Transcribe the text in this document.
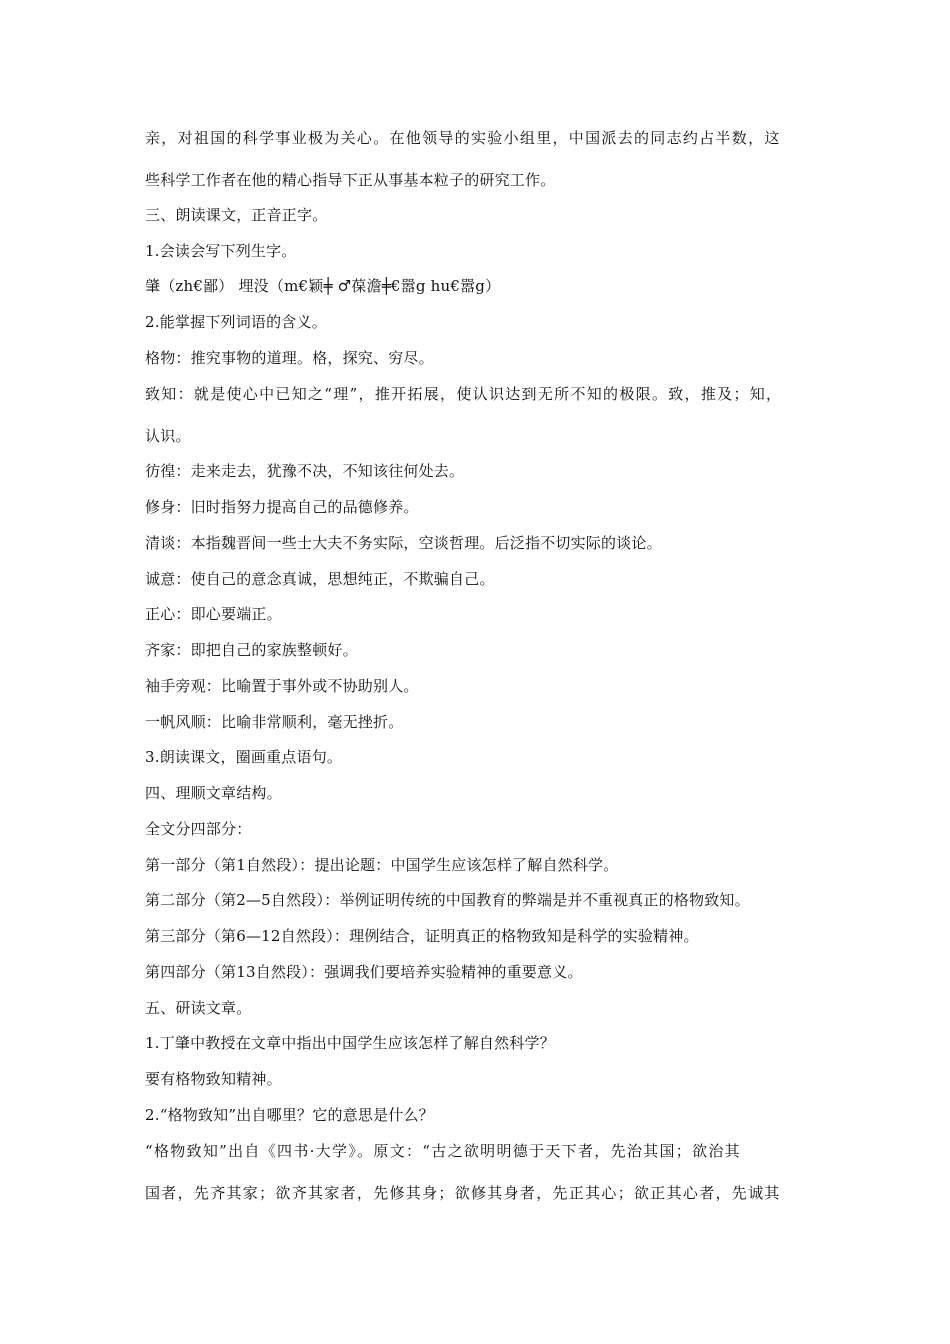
亲，对祖国的科学事业极为关心。在他领导的实验小组里，中国派去的同志约占半数，这
些科学工作者在他的精心指导下正从事基本粒子的研究工作。
三、朗读课文，正音正字。
1.会读会写下列生字。
肇（zh€鄙） 埋没（m€颖╪ ♂葆澹╪€嚣g hu€嚣g）
2.能掌握下列词语的含义。
格物：推究事物的道理。格，探究、穷尽。
致知：就是使心中已知之“理”，推开拓展，使认识达到无所不知的极限。致，推及；知，
认识。
彷徨：走来走去，犹豫不决，不知该往何处去。
修身：旧时指努力提高自己的品德修养。
清谈：本指魏晋间一些士大夫不务实际，空谈哲理。后泛指不切实际的谈论。
诚意：使自己的意念真诚，思想纯正，不欺骗自己。
正心：即心要端正。
齐家：即把自己的家族整顿好。
袖手旁观：比喻置于事外或不协助别人。
一帆风顺：比喻非常顺利，毫无挫折。
3.朗读课文，圈画重点语句。
四、理顺文章结构。
全文分四部分：
第一部分（第1自然段）：提出论题：中国学生应该怎样了解自然科学。
第二部分（第2—5自然段）：举例证明传统的中国教育的弊端是并不重视真正的格物致知。
第三部分（第6—12自然段）：理例结合，证明真正的格物致知是科学的实验精神。
第四部分（第13自然段）：强调我们要培养实验精神的重要意义。
五、研读文章。
1.丁肇中教授在文章中指出中国学生应该怎样了解自然科学？
要有格物致知精神。
2.“格物致知”出自哪里？它的意思是什么？
“格物致知”出自《四书·大学》。原文：“古之欲明明德于天下者，先治其国；欲治其
国者，先齐其家；欲齐其家者，先修其身；欲修其身者，先正其心；欲正其心者，先诚其
